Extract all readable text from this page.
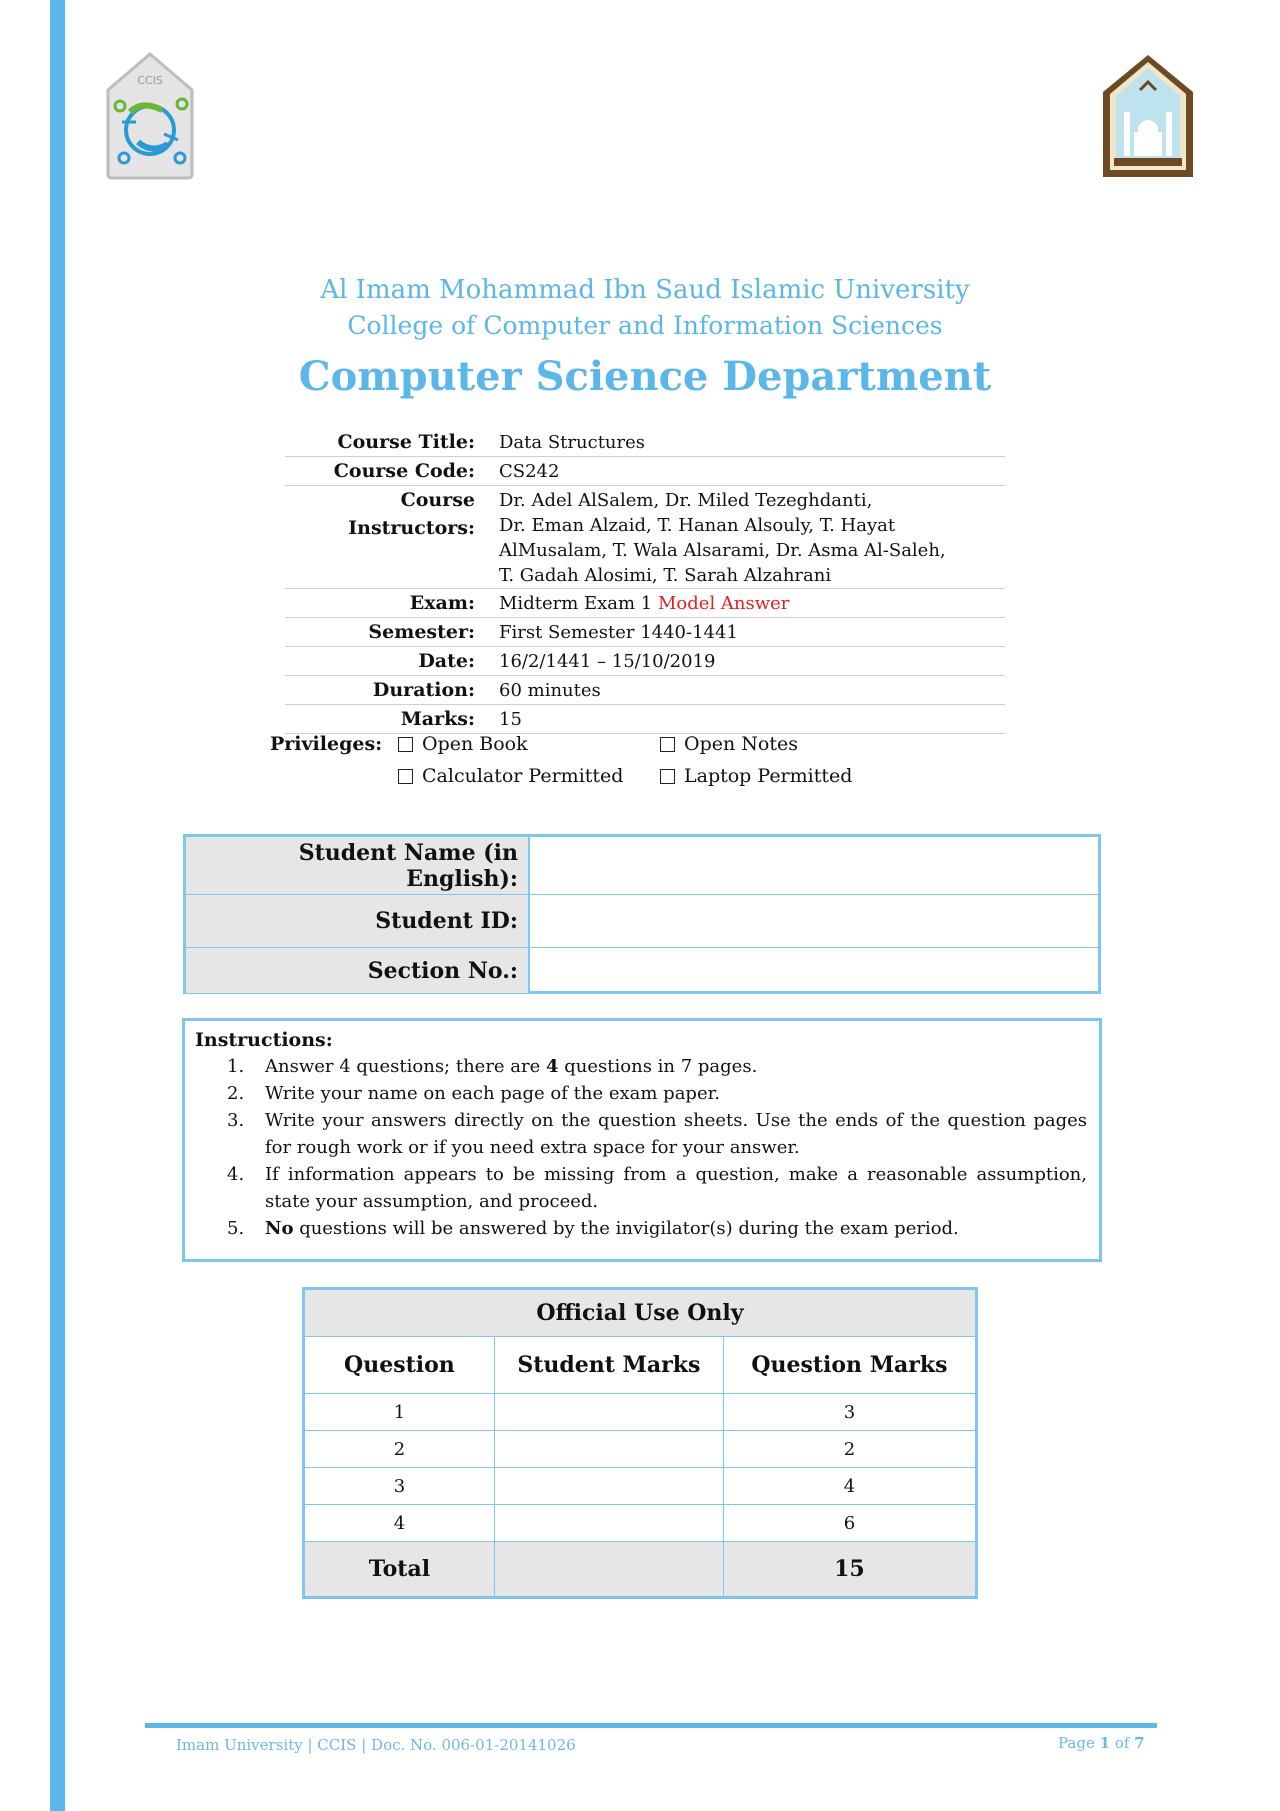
CCIS
Al Imam Mohammad Ibn Saud Islamic University
College of Computer and Information Sciences
Computer Science Department
Course Title:	Data Structures
Course Code:	CS242
Course Instructors:
Dr. Adel AlSalem, Dr. Miled Tezeghdanti,
Dr. Eman Alzaid, T. Hanan Alsouly, T. Hayat
AlMusalam, T. Wala Alsarami, Dr. Asma Al-Saleh,
T. Gadah Alosimi, T. Sarah Alzahrani
Exam:	Midterm Exam 1 Model Answer
Semester:	First Semester 1440-1441
Date:	16/2/1441 – 15/10/2019
Duration:	60 minutes
Marks:	15
Privileges: Open Book	Open Notes
Calculator Permitted	Laptop Permitted
Student Name (in English):
Student ID:
Section No.:
Instructions:
1.	Answer 4 questions; there are 4 questions in 7 pages.
2.	Write your name on each page of the exam paper.
3.	Write your answers directly on the question sheets. Use the ends of the question pages for rough work or if you need extra space for your answer.
4.	If information appears to be missing from a question, make a reasonable assumption, state your assumption, and proceed.
5.	No questions will be answered by the invigilator(s) during the exam period.
Official Use Only		
Question	Student Marks	Question Marks
1		3
2		2
3		4
4		6
Total		15
Imam University | CCIS | Doc. No. 006-01-20141026	Page 1 of 7
